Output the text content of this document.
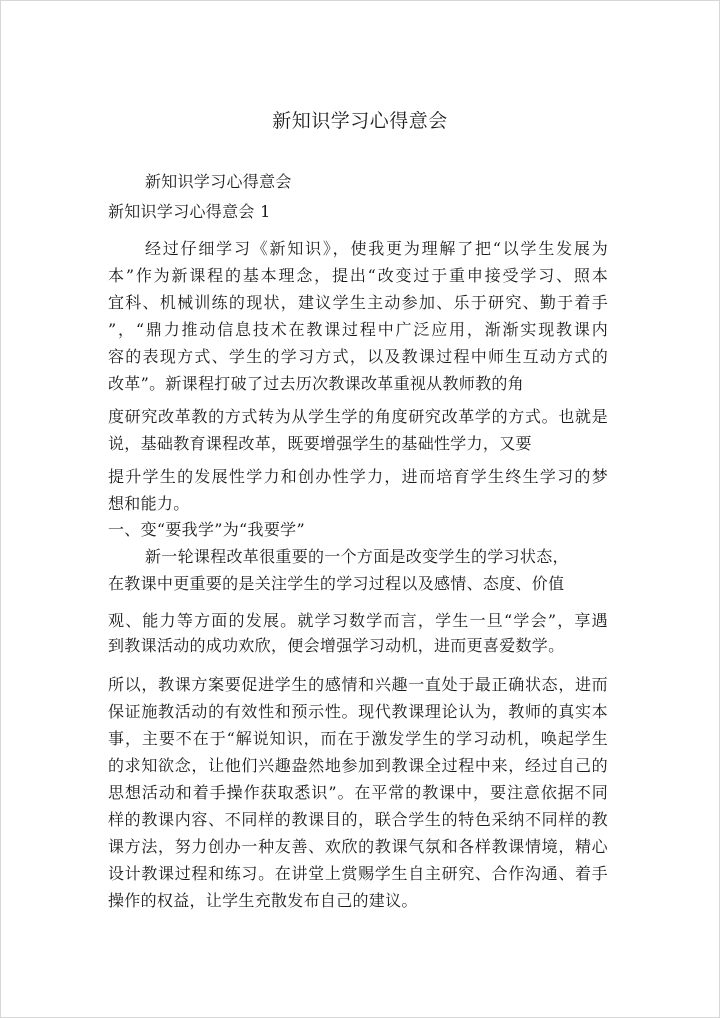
新知识学习心得意会
新知识学习心得意会
新知识学习心得意会 1
经过仔细学习《新知识》，使我更为理解了把“以学生发展为
本”作为新课程的基本理念，提出“改变过于重申接受学习、照本
宜科、机械训练的现状，建议学生主动参加、乐于研究、勤于着手
”，“鼎力推动信息技术在教课过程中广泛应用，渐渐实现教课内
容的表现方式、学生的学习方式，以及教课过程中师生互动方式的
改革”。新课程打破了过去历次教课改革重视从教师教的角
度研究改革教的方式转为从学生学的角度研究改革学的方式。也就是
说，基础教育课程改革，既要增强学生的基础性学力，又要
提升学生的发展性学力和创办性学力，进而培育学生终生学习的梦
想和能力。
一、变“要我学”为“我要学”
新一轮课程改革很重要的一个方面是改变学生的学习状态，
在教课中更重要的是关注学生的学习过程以及感情、态度、价值
观、能力等方面的发展。就学习数学而言，学生一旦“学会”，享遇
到教课活动的成功欢欣，便会增强学习动机，进而更喜爱数学。
所以，教课方案要促进学生的感情和兴趣一直处于最正确状态，进而
保证施教活动的有效性和预示性。现代教课理论认为，教师的真实本
事，主要不在于“解说知识，而在于激发学生的学习动机，唤起学生
的求知欲念，让他们兴趣盎然地参加到教课全过程中来，经过自己的
思想活动和着手操作获取悉识”。在平常的教课中，要注意依据不同
样的教课内容、不同样的教课目的，联合学生的特色采纳不同样的教
课方法，努力创办一种友善、欢欣的教课气氛和各样教课情境，精心
设计教课过程和练习。在讲堂上赏赐学生自主研究、合作沟通、着手
操作的权益，让学生充散发布自己的建议。
